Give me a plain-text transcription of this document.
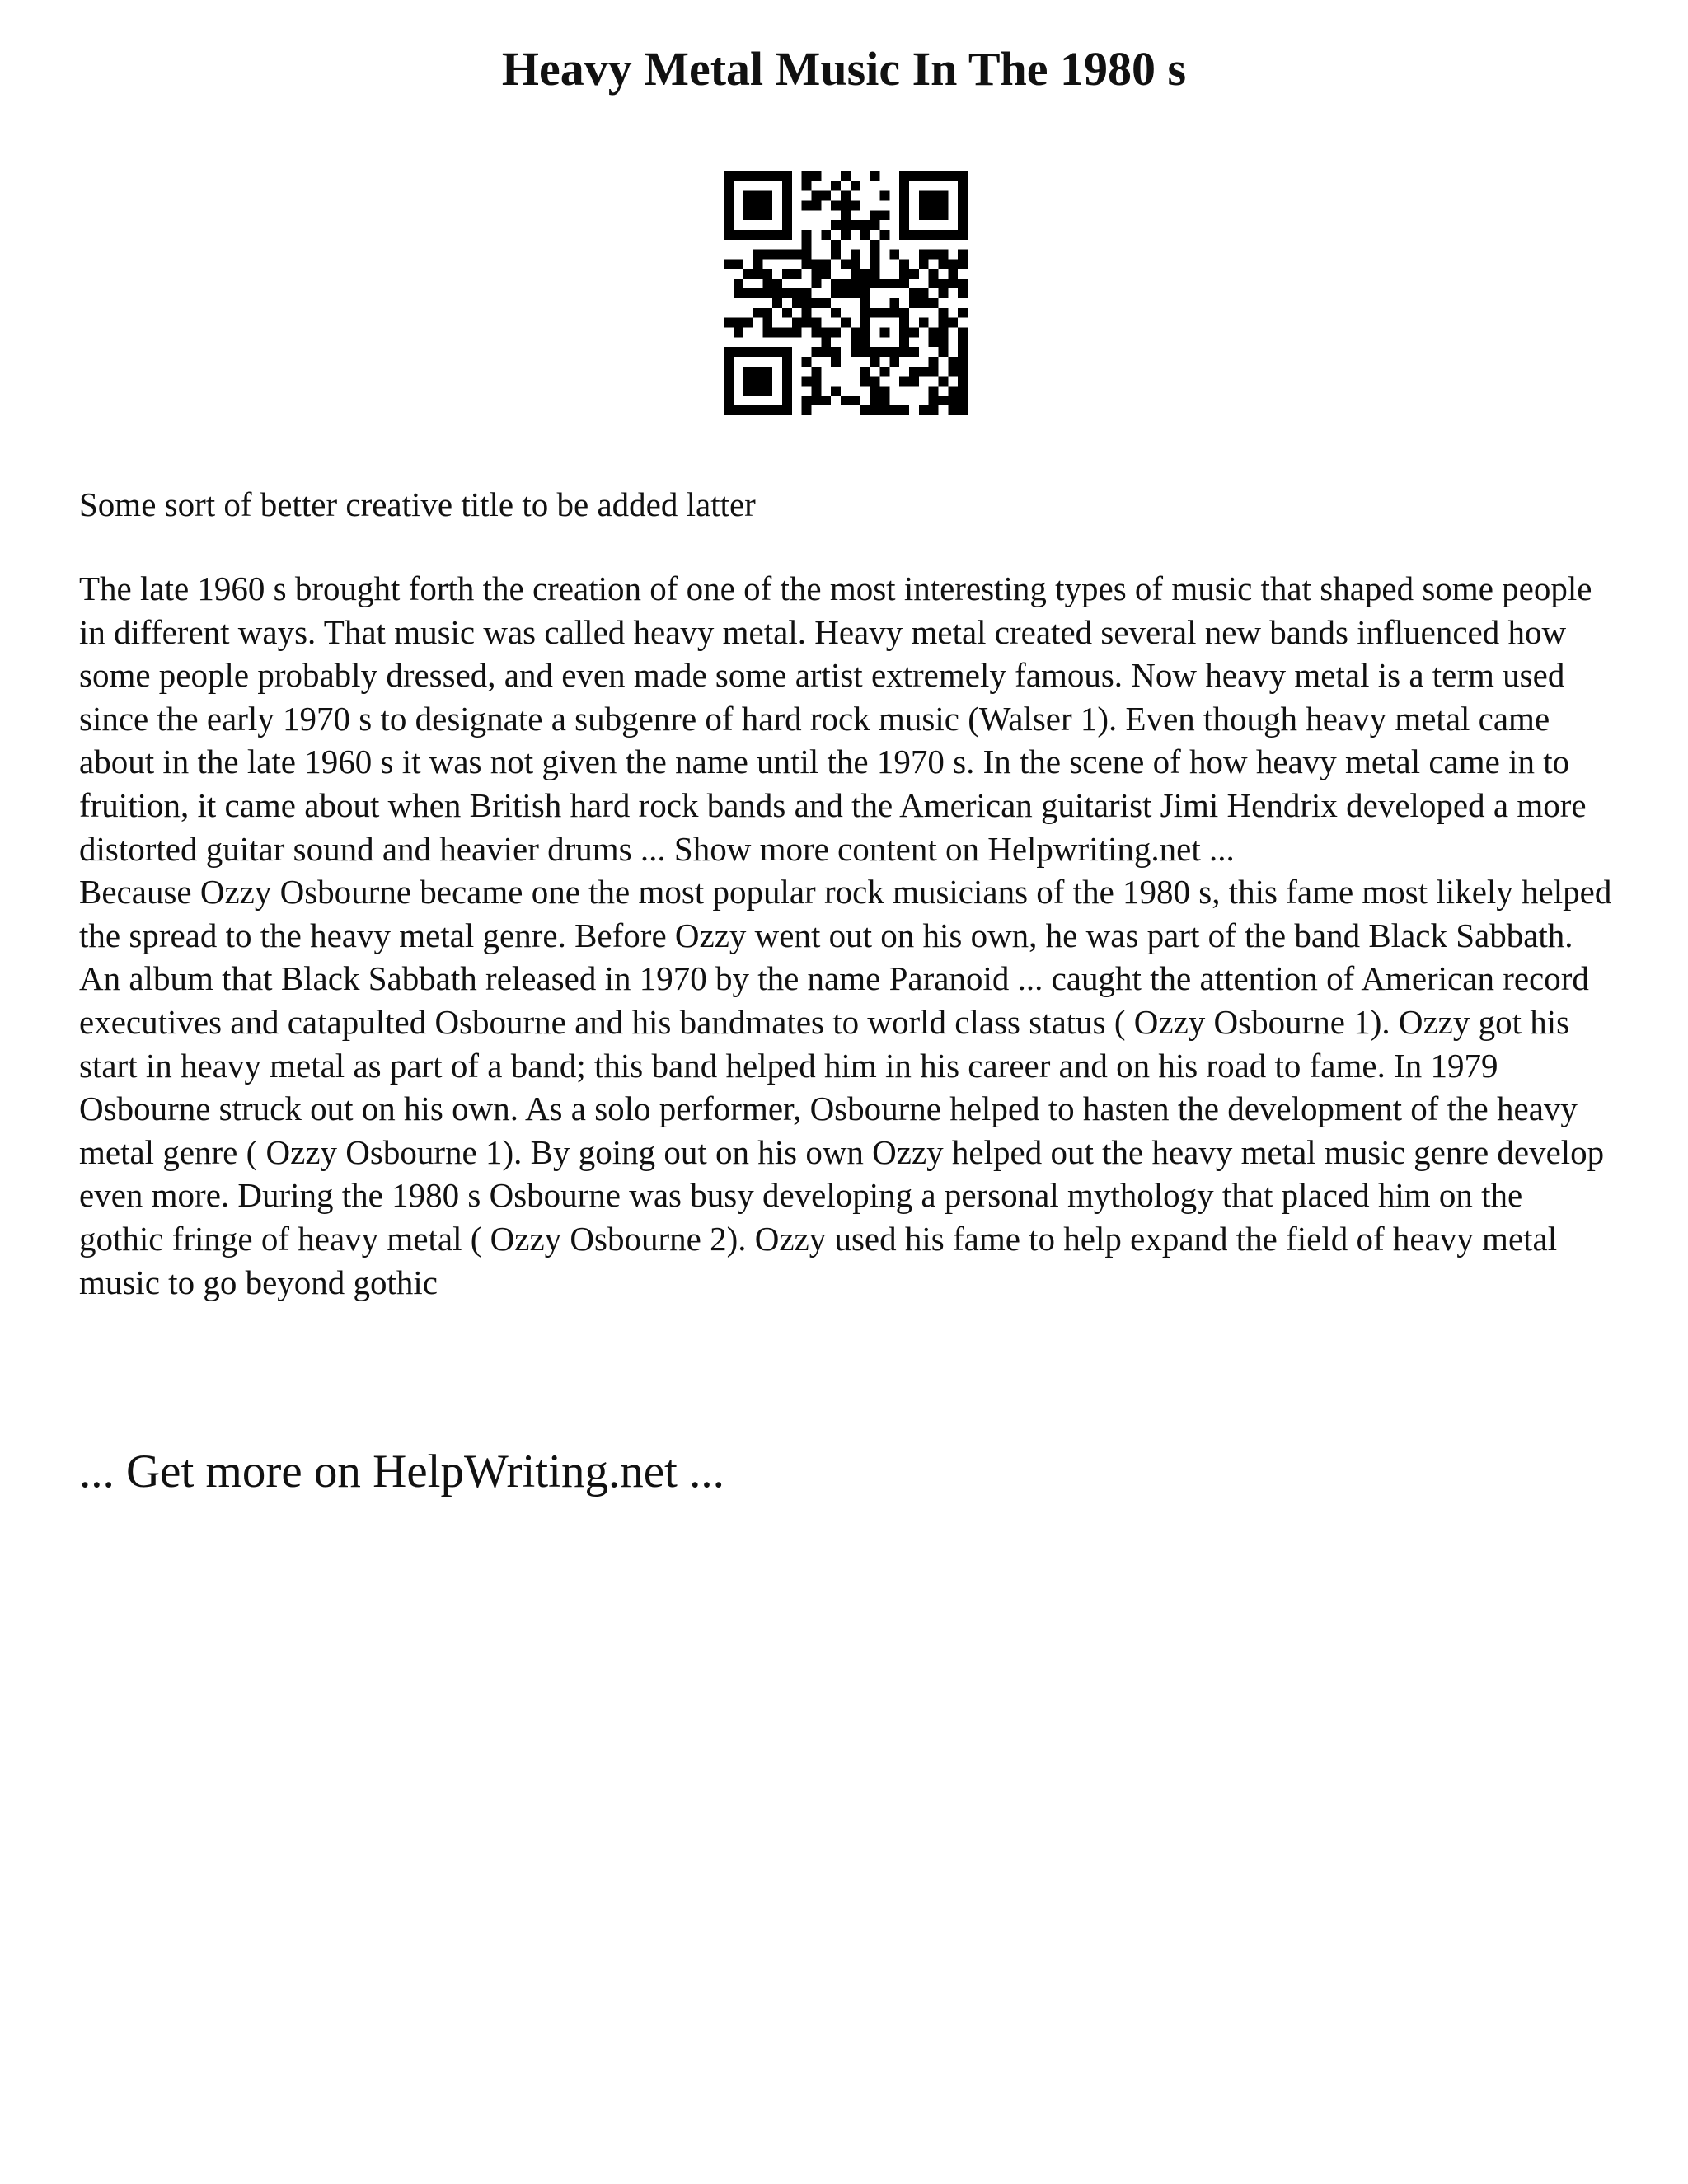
Heavy Metal Music In The 1980 s

Some sort of better creative title to be added latter

The late 1960 s brought forth the creation of one of the most interesting types of music that shaped some people in different ways. That music was called heavy metal. Heavy metal created several new bands influenced how some people probably dressed, and even made some artist extremely famous. Now heavy metal is a term used since the early 1970 s to designate a subgenre of hard rock music (Walser 1). Even though heavy metal came about in the late 1960 s it was not given the name until the 1970 s. In the scene of how heavy metal came in to fruition, it came about when British hard rock bands and the American guitarist Jimi Hendrix developed a more distorted guitar sound and heavier drums ... Show more content on Helpwriting.net ...

Because Ozzy Osbourne became one the most popular rock musicians of the 1980 s, this fame most likely helped the spread to the heavy metal genre. Before Ozzy went out on his own, he was part of the band Black Sabbath. An album that Black Sabbath released in 1970 by the name Paranoid ... caught the attention of American record executives and catapulted Osbourne and his bandmates to world class status ( Ozzy Osbourne 1). Ozzy got his start in heavy metal as part of a band; this band helped him in his career and on his road to fame. In 1979 Osbourne struck out on his own. As a solo performer, Osbourne helped to hasten the development of the heavy metal genre ( Ozzy Osbourne 1). By going out on his own Ozzy helped out the heavy metal music genre develop even more. During the 1980 s Osbourne was busy developing a personal mythology that placed him on the gothic fringe of heavy metal ( Ozzy Osbourne 2). Ozzy used his fame to help expand the field of heavy metal music to go beyond gothic

... Get more on HelpWriting.net ...
